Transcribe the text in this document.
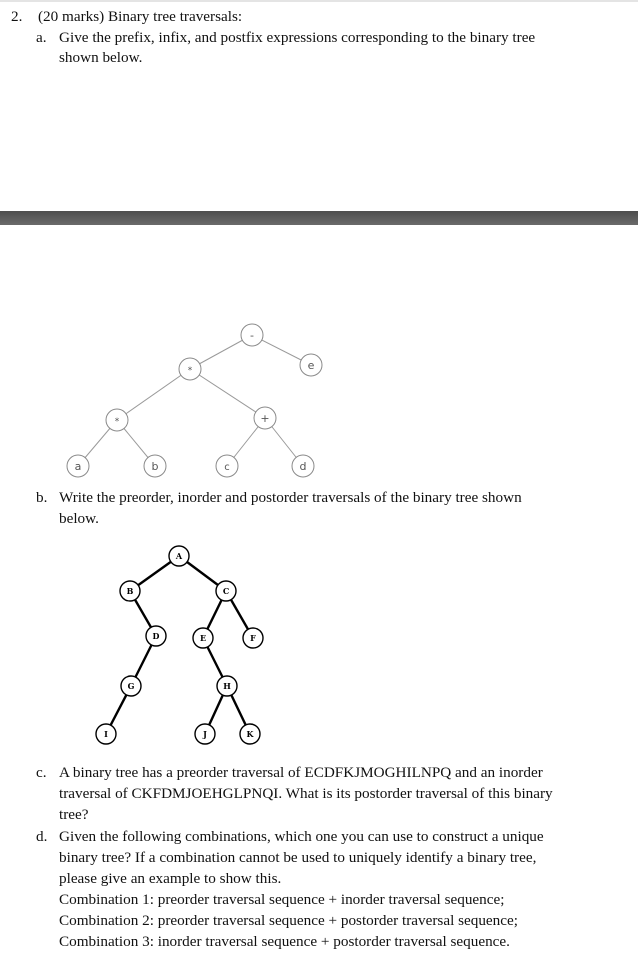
2. (20 marks) Binary tree traversals:
a. Give the prefix, infix, and postfix expressions corresponding to the binary tree
shown below.
-
*	e
*	+
a	b	c	d
A
B	C
D	E	F
G	H
I	J	K
b. Write the preorder, inorder and postorder traversals of the binary tree shown
below.
c. A binary tree has a preorder traversal of ECDFKJMOGHILNPQ and an inorder
traversal of CKFDMJOEHGLPNQI. What is its postorder traversal of this binary
tree?
d. Given the following combinations, which one you can use to construct a unique
binary tree? If a combination cannot be used to uniquely identify a binary tree,
please give an example to show this.
Combination 1: preorder traversal sequence + inorder traversal sequence;
Combination 2: preorder traversal sequence + postorder traversal sequence;
Combination 3: inorder traversal sequence + postorder traversal sequence.
